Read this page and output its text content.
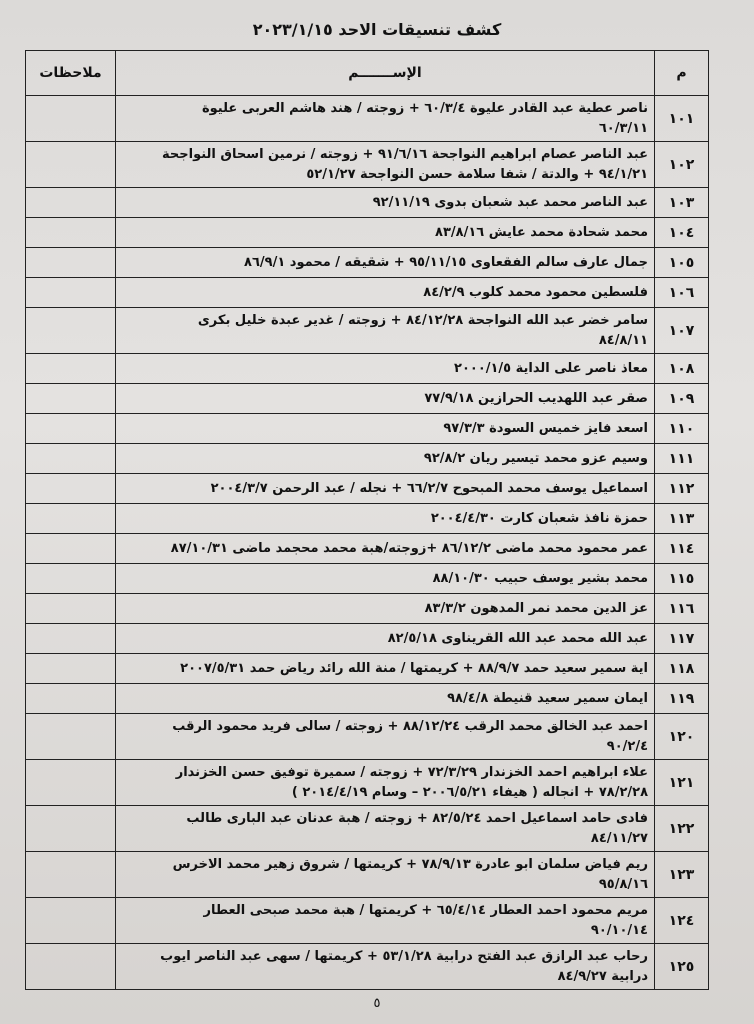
كشف تنسيقات الاحد ٢٠٢٣/١/١٥
م	الإســـــــم	ملاحظات
١٠١	ناصر عطية عبد القادر عليوة ٦٠/٣/٤ + زوجته / هند هاشم العربى عليوة
٦٠/٣/١١	

١٠٢	عبد الناصر عصام ابراهيم النواجحة ٩١/٦/١٦ + زوجته / نرمين اسحاق النواجحة
٩٤/١/٢١ + والدتة / شفا سلامة حسن النواجحة ٥٢/١/٢٧	

١٠٣	عبد الناصر محمد عبد شعبان بدوى ٩٢/١١/١٩	

١٠٤	محمد شحادة محمد عايش ٨٣/٨/١٦	

١٠٥	جمال عارف سالم الفقعاوى ٩٥/١١/١٥ + شقيقه / محمود ٨٦/٩/١	

١٠٦	فلسطين محمود محمد كلوب ٨٤/٢/٩	

١٠٧	سامر خضر عبد الله النواجحة ٨٤/١٢/٢٨ + زوجته / غدير عبدة خليل بكرى
٨٤/٨/١١	

١٠٨	معاذ ناصر على الداية ٢٠٠٠/١/٥	

١٠٩	صقر عبد اللهديب الحرازين ٧٧/٩/١٨	

١١٠	اسعد فايز خميس السودة ٩٧/٣/٣	

١١١	وسيم عزو محمد تيسير ريان ٩٢/٨/٢	

١١٢	اسماعيل يوسف محمد المبحوح ٦٦/٢/٧ + نجله / عبد الرحمن ٢٠٠٤/٣/٧	

١١٣	حمزة نافذ شعبان كارت ٢٠٠٤/٤/٣٠	

١١٤	عمر محمود محمد ماضى ٨٦/١٢/٢ +زوجته/هبة محمد محجمد ماضى ٨٧/١٠/٣١	

١١٥	محمد بشير يوسف حبيب ٨٨/١٠/٣٠	

١١٦	عز الدين محمد نمر المدهون ٨٣/٣/٢	

١١٧	عبد الله محمد عبد الله القريناوى ٨٢/٥/١٨	

١١٨	اية سمير سعيد حمد ٨٨/٩/٧ + كريمتها / منة الله رائد رياض حمد ٢٠٠٧/٥/٣١	

١١٩	ايمان سمير سعيد قنيطة ٩٨/٤/٨	

١٢٠	احمد عبد الخالق محمد الرقب ٨٨/١٢/٢٤ + زوجته / سالى فريد محمود الرقب
٩٠/٢/٤	

١٢١	علاء ابراهيم احمد الخزندار ٧٢/٣/٢٩ + زوجته / سميرة توفيق حسن الخزندار
٧٨/٢/٢٨ + انجاله ( هيفاء ٢٠٠٦/٥/٢١ – وسام ٢٠١٤/٤/١٩ )	

١٢٢	فادى حامد اسماعيل احمد ٨٢/٥/٢٤ + زوجته / هبة عدنان عبد البارى طالب
٨٤/١١/٢٧	

١٢٣	ريم فياض سلمان ابو عادرة ٧٨/٩/١٣ + كريمتها / شروق زهير محمد الاخرس
٩٥/٨/١٦	

١٢٤	مريم محمود احمد العطار ٦٥/٤/١٤ + كريمتها / هبة محمد صبحى العطار
٩٠/١٠/١٤	

١٢٥	رحاب عبد الرازق عبد الفتح درابية ٥٣/١/٢٨ + كريمتها / سهى عبد الناصر ايوب
درابية ٨٤/٩/٢٧	

٥
